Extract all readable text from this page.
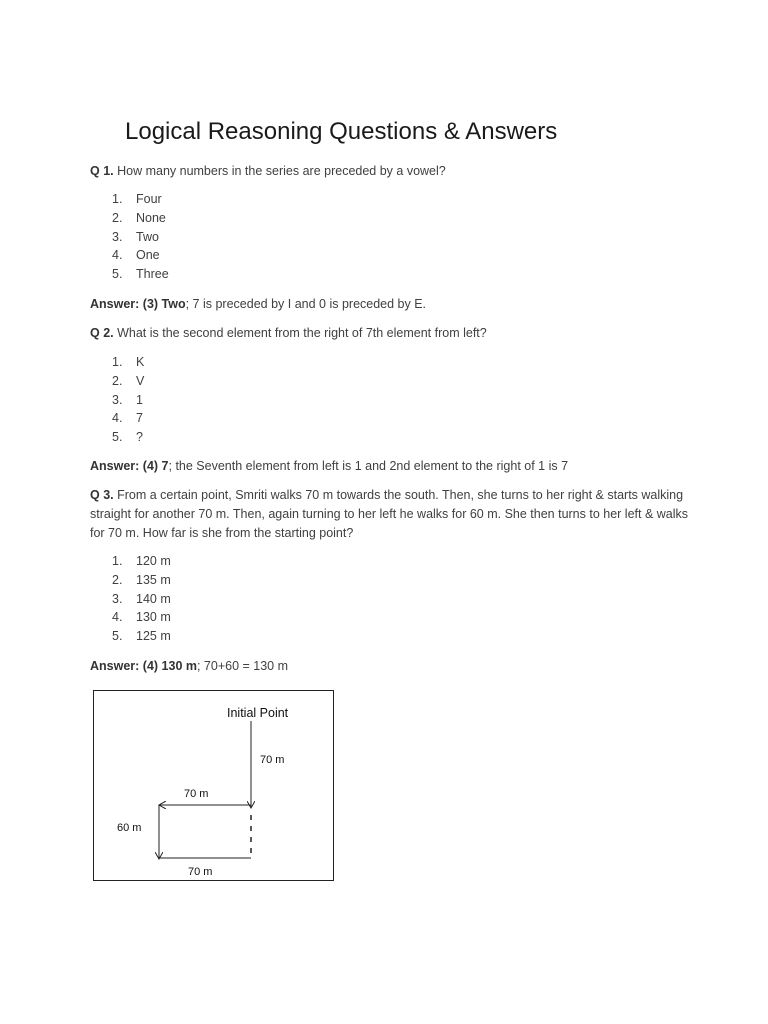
Logical Reasoning Questions & Answers
Q 1. How many numbers in the series are preceded by a vowel?
1. Four
2. None
3. Two
4. One
5. Three
Answer: (3) Two; 7 is preceded by I and 0 is preceded by E.
Q 2. What is the second element from the right of 7th element from left?
1. K
2. V
3. 1
4. 7
5. ?
Answer: (4) 7; the Seventh element from left is 1 and 2nd element to the right of 1 is 7
Q 3. From a certain point, Smriti walks 70 m towards the south. Then, she turns to her right & starts walking straight for another 70 m. Then, again turning to her left he walks for 60 m. She then turns to her left & walks for 70 m. How far is she from the starting point?
1. 120 m
2. 135 m
3. 140 m
4. 130 m
5. 125 m
Answer: (4) 130 m; 70+60 = 130 m
Initial Point
70 m
70 m
60 m
70 m
